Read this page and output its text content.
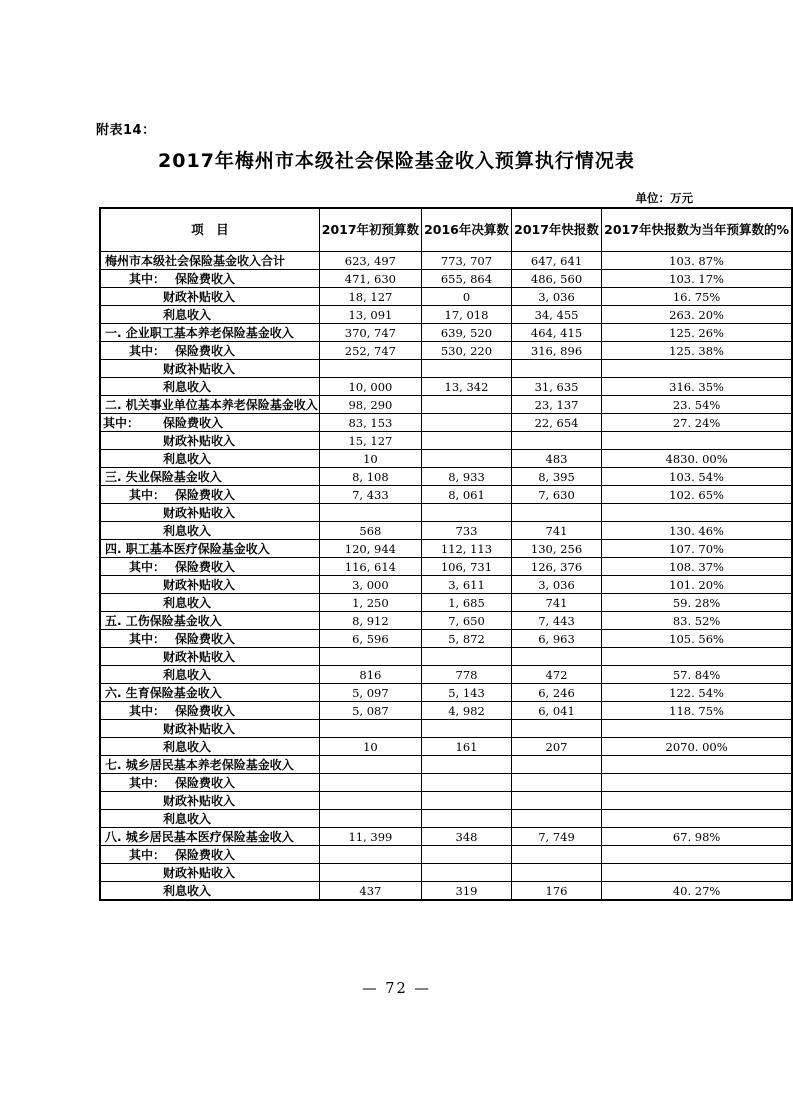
附表14：
2017年梅州市本级社会保险基金收入预算执行情况表
单位：万元
项　目	2017年初预算数	2016年决算数	2017年快报数	2017年快报数为当年预算数的%
梅州市本级社会保险基金收入合计	623, 497	773, 707	647, 641	103. 87%
其中： 保险费收入	471, 630	655, 864	486, 560	103. 17%
财政补贴收入	18, 127	0	3, 036	16. 75%
利息收入	13, 091	17, 018	34, 455	263. 20%
一. 企业职工基本养老保险基金收入	370, 747	639, 520	464, 415	125. 26%
其中： 保险费收入	252, 747	530, 220	316, 896	125. 38%
财政补贴收入				
利息收入	10, 000	13, 342	31, 635	316. 35%
二. 机关事业单位基本养老保险基金收入	98, 290		23, 137	23. 54%
其中： 保险费收入	83, 153		22, 654	27. 24%
财政补贴收入	15, 127			
利息收入	10		483	4830. 00%
三. 失业保险基金收入	8, 108	8, 933	8, 395	103. 54%
其中： 保险费收入	7, 433	8, 061	7, 630	102. 65%
财政补贴收入				
利息收入	568	733	741	130. 46%
四. 职工基本医疗保险基金收入	120, 944	112, 113	130, 256	107. 70%
其中： 保险费收入	116, 614	106, 731	126, 376	108. 37%
财政补贴收入	3, 000	3, 611	3, 036	101. 20%
利息收入	1, 250	1, 685	741	59. 28%
五. 工伤保险基金收入	8, 912	7, 650	7, 443	83. 52%
其中： 保险费收入	6, 596	5, 872	6, 963	105. 56%
财政补贴收入				
利息收入	816	778	472	57. 84%
六. 生育保险基金收入	5, 097	5, 143	6, 246	122. 54%
其中： 保险费收入	5, 087	4, 982	6, 041	118. 75%
财政补贴收入				
利息收入	10	161	207	2070. 00%
七. 城乡居民基本养老保险基金收入				
其中： 保险费收入				
财政补贴收入				
利息收入				
八. 城乡居民基本医疗保险基金收入	11, 399	348	7, 749	67. 98%
其中： 保险费收入				
财政补贴收入				
利息收入	437	319	176	40. 27%
— 72 —
